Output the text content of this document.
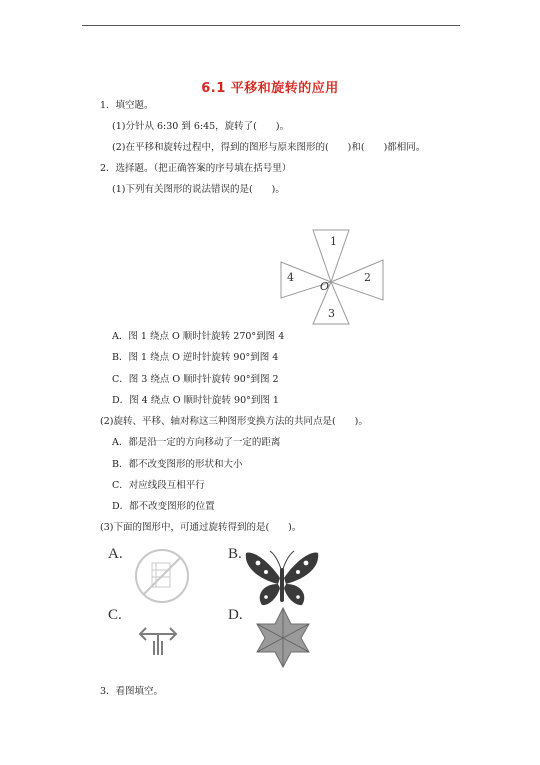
6.1 平移和旋转的应用
1．填空题。
(1)分针从 6:30 到 6:45，旋转了(　　)。
(2)在平移和旋转过程中，得到的图形与原来图形的(　　)和(　　)都相同。
2．选择题。（把正确答案的序号填在括号里）
(1)下列有关图形的说法错误的是(　　)。
1
2
3
4
O
A．图 1 绕点 O 顺时针旋转 270°到图 4
B．图 1 绕点 O 逆时针旋转 90°到图 4
C．图 3 绕点 O 顺时针旋转 90°到图 2
D．图 4 绕点 O 顺时针旋转 90°到图 1
(2)旋转、平移、轴对称这三种图形变换方法的共同点是(　　)。
A．都是沿一定的方向移动了一定的距离
B．都不改变图形的形状和大小
C．对应线段互相平行
D．都不改变图形的位置
(3)下面的图形中，可通过旋转得到的是(　　)。
A.	B.
C.	D.
3．看图填空。
